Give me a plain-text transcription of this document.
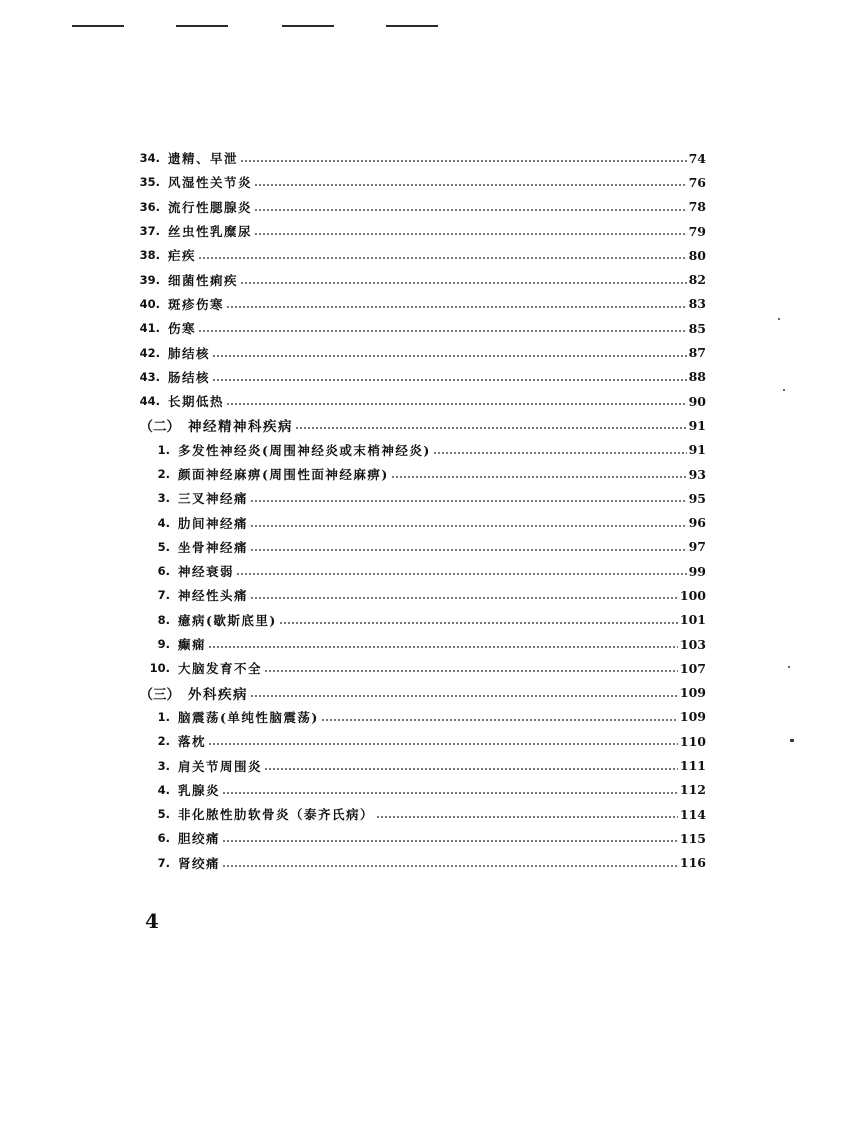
34. 遗精、早泄	74
35. 风湿性关节炎	76
36. 流行性腮腺炎	78
37. 丝虫性乳糜尿	79
38. 疟疾	80
39. 细菌性痢疾	82
40. 斑疹伤寒	83
41. 伤寒	85
42. 肺结核	87
43. 肠结核	88
44. 长期低热	90
（二） 神经精神科疾病	91
1. 多发性神经炎(周围神经炎或末梢神经炎)	91
2. 颜面神经麻痹(周围性面神经麻痹)	93
3. 三叉神经痛	95
4. 肋间神经痛	96
5. 坐骨神经痛	97
6. 神经衰弱	99
7. 神经性头痛	100
8. 癔病(歇斯底里)	101
9. 癫痫	103
10. 大脑发育不全	107
（三） 外科疾病	109
1. 脑震荡(单纯性脑震荡)	109
2. 落枕	110
3. 肩关节周围炎	111
4. 乳腺炎	112
5. 非化脓性肋软骨炎（泰齐氏病）	114
6. 胆绞痛	115
7. 肾绞痛	116
4
